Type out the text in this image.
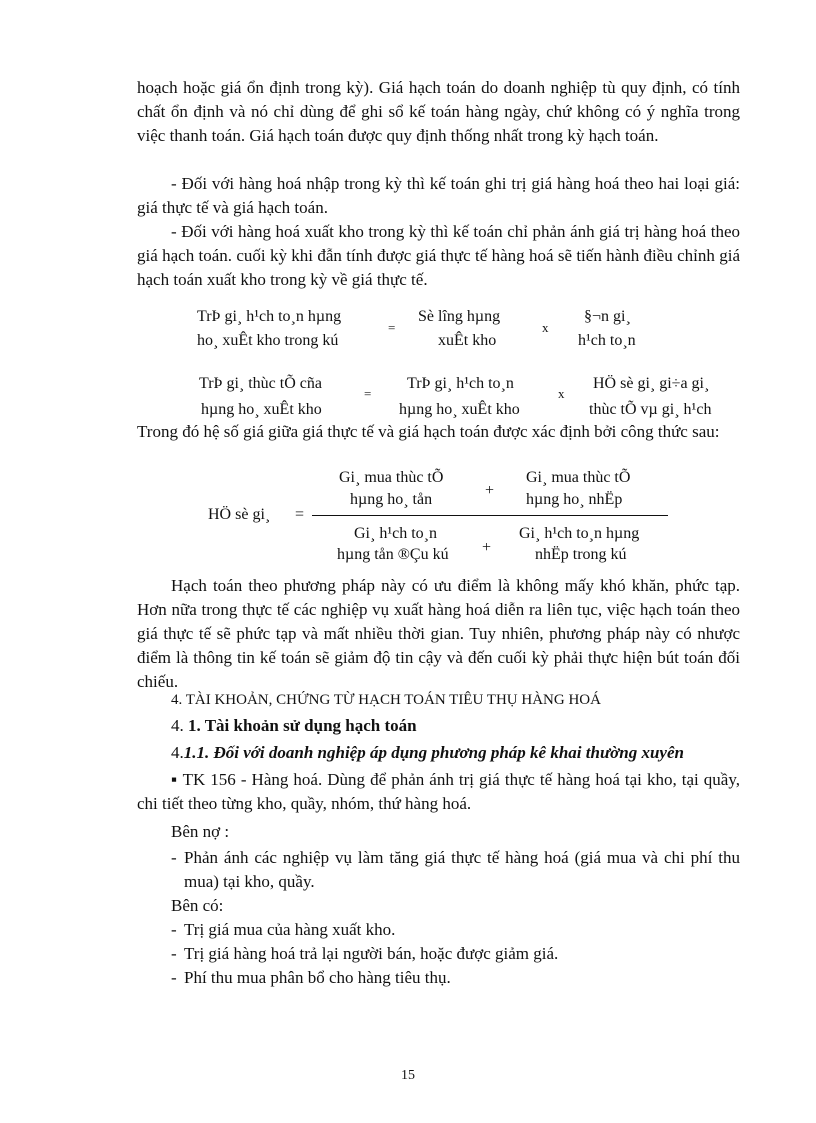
hoạch hoặc giá ổn định trong kỳ). Giá hạch toán do doanh nghiệp tù quy định, có tính chất ổn định và nó chỉ dùng để ghi sổ kế toán hàng ngày, chứ không có ý nghĩa trong việc thanh toán. Giá hạch toán được quy định thống nhất trong kỳ hạch toán.

- Đối với hàng hoá nhập trong kỳ thì kế toán ghi trị giá hàng hoá theo hai loại giá: giá thực tế và giá hạch toán.

- Đối với hàng hoá xuất kho trong kỳ thì kế toán chỉ phản ánh giá trị hàng hoá theo giá hạch toán. cuối kỳ khi đẫn tính được giá thực tế hàng hoá sẽ tiến hành điều chỉnh giá hạch toán xuất kho trong kỳ về giá thực tế.

TrÞ gi¸ h¹ch to¸n hµng
ho¸ xuÊt kho trong kú
=
Sè lîng hµng
xuÊt kho
x
§¬n gi¸
h¹ch to¸n
TrÞ gi¸ thùc tÕ cña
hµng ho¸ xuÊt kho
=
TrÞ gi¸ h¹ch to¸n
hµng ho¸ xuÊt kho
x
HÖ sè gi¸ gi÷a gi¸
thùc tÕ vµ gi¸ h¹ch

Trong đó hệ số giá giữa giá thực tế và giá hạch toán được xác định bởi công thức sau:

HÖ sè gi¸ =
Gi¸ mua thùc tÕ
hµng ho¸ tån
+
Gi¸ mua thùc tÕ
hµng ho¸ nhËp
Gi¸ h¹ch to¸n
hµng tån ®Çu kú +
Gi¸ h¹ch to¸n hµng
nhËp trong kú

Hạch toán theo phương pháp này có ưu điểm là không mấy khó khăn, phức tạp. Hơn nữa trong thực tế các nghiệp vụ xuất hàng hoá diễn ra liên tục, việc hạch toán theo giá thực tế sẽ phức tạp và mất nhiều thời gian. Tuy nhiên, phương pháp này có nhược điểm là thông tin kế toán sẽ giảm độ tin cậy và đến cuối kỳ phải thực hiện bút toán đối chiếu.

4. TÀI KHOẢN, CHỨNG TỪ HẠCH TOÁN TIÊU THỤ HÀNG HOÁ
4. 1. Tài khoản sử dụng hạch toán
4.1.1. Đối với doanh nghiệp áp dụng phương pháp kê khai thường xuyên

▪ TK 156 - Hàng hoá. Dùng để phản ánh trị giá thực tế hàng hoá tại kho, tại quầy, chi tiết theo từng kho, quầy, nhóm, thứ hàng hoá.

Bên nợ :
- Phản ánh các nghiệp vụ làm tăng giá thực tế hàng hoá (giá mua và chi phí thu mua) tại kho, quầy.
Bên có:
- Trị giá mua của hàng xuất kho.
- Trị giá hàng hoá trả lại người bán, hoặc được giảm giá.
- Phí thu mua phân bổ cho hàng tiêu thụ.
15
